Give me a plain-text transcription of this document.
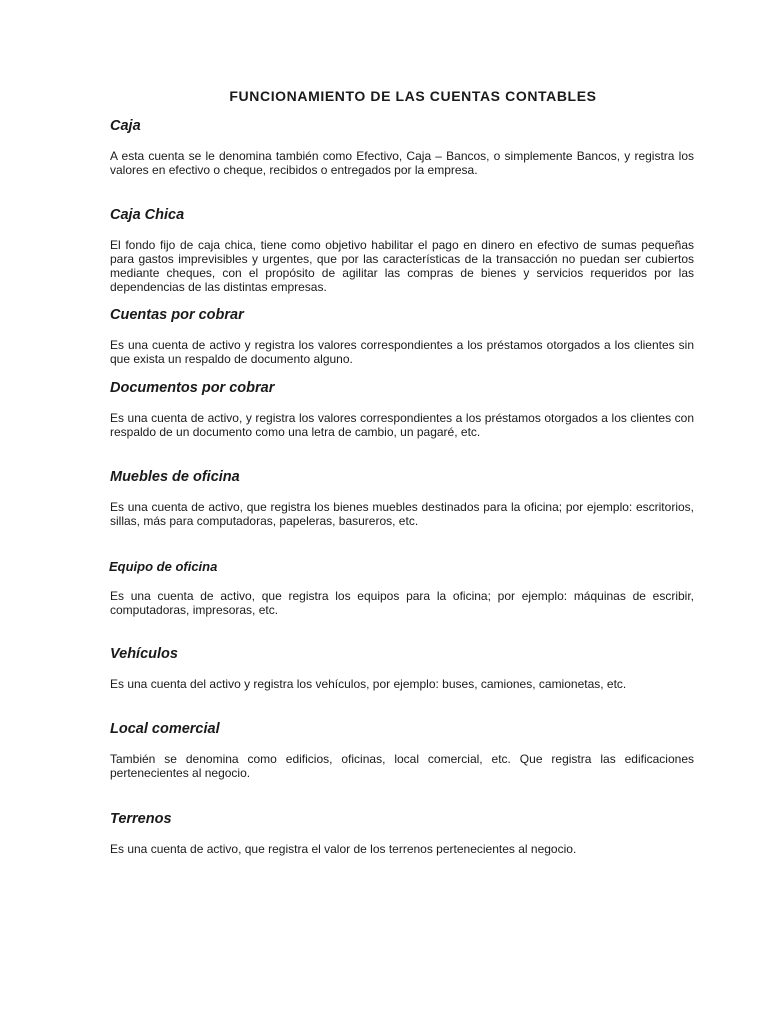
FUNCIONAMIENTO DE LAS CUENTAS CONTABLES
Caja

A esta cuenta se le denomina también como Efectivo, Caja – Bancos, o simplemente Bancos, y registra los valores en efectivo o cheque, recibidos o entregados por la empresa.

Caja Chica

El fondo fijo de caja chica, tiene como objetivo habilitar el pago en dinero en efectivo de sumas pequeñas para gastos imprevisibles y urgentes, que por las características de la transacción no puedan ser cubiertos mediante cheques, con el propósito de agilitar las compras de bienes y servicios requeridos por las dependencias de las distintas empresas.

Cuentas por cobrar

Es una cuenta de activo y registra los valores correspondientes a los préstamos otorgados a los clientes sin que exista un respaldo de documento alguno.

Documentos por cobrar

Es una cuenta de activo, y registra los valores correspondientes a los préstamos otorgados a los clientes con respaldo de un documento como una letra de cambio, un pagaré, etc.

Muebles de oficina

Es una cuenta de activo, que registra los bienes muebles destinados para la oficina; por ejemplo: escritorios, sillas, más para computadoras, papeleras, basureros, etc.

Equipo de oficina

Es una cuenta de activo, que registra los equipos para la oficina; por ejemplo: máquinas de escribir, computadoras, impresoras, etc.

Vehículos

Es una cuenta del activo y registra los vehículos, por ejemplo: buses, camiones, camionetas, etc.

Local comercial

También se denomina como edificios, oficinas, local comercial, etc. Que registra las edificaciones pertenecientes al negocio.

Terrenos

Es una cuenta de activo, que registra el valor de los terrenos pertenecientes al negocio.
